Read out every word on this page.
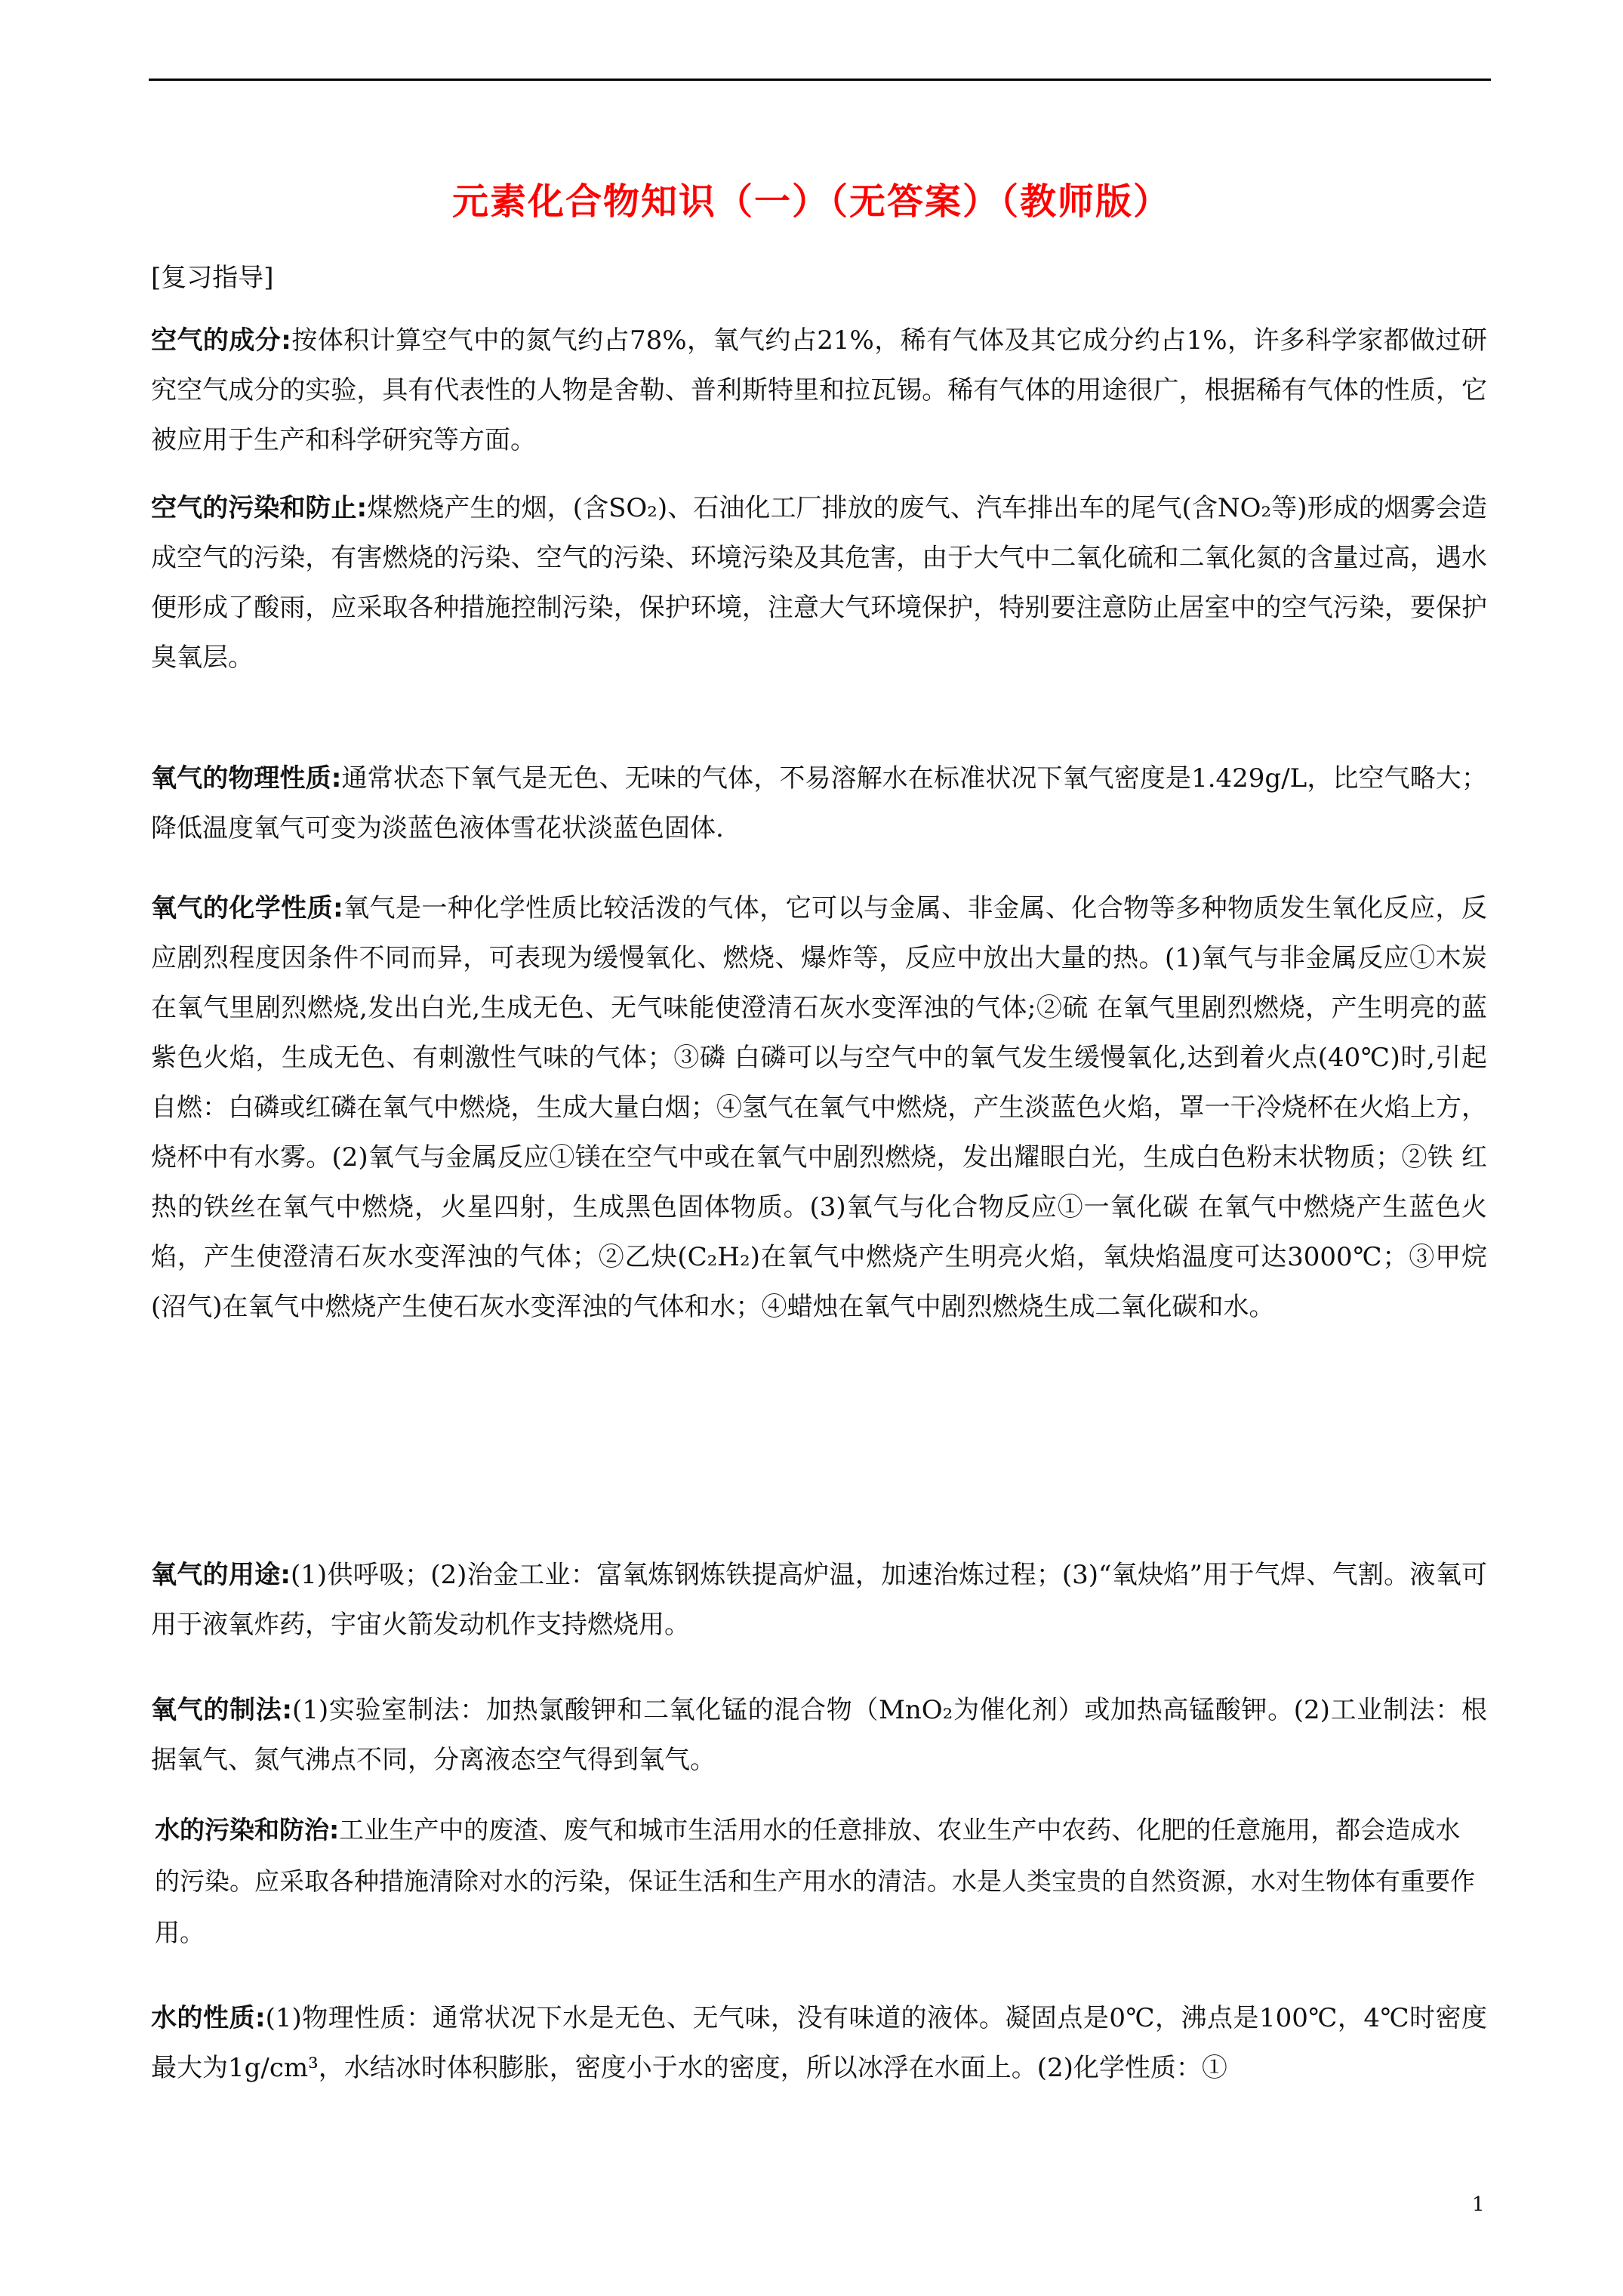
元素化合物知识（一）（无答案）（教师版）
[复习指导]
空气的成分:按体积计算空气中的氮气约占78%，氧气约占21%，稀有气体及其它成分约占1%，许多科学家都做过研究空气成分的实验，具有代表性的人物是舍勒、普利斯特里和拉瓦锡。稀有气体的用途很广，根据稀有气体的性质，它被应用于生产和科学研究等方面。
空气的污染和防止:煤燃烧产生的烟，(含SO₂)、石油化工厂排放的废气、汽车排出车的尾气(含NO₂等)形成的烟雾会造成空气的污染，有害燃烧的污染、空气的污染、环境污染及其危害，由于大气中二氧化硫和二氧化氮的含量过高，遇水便形成了酸雨，应采取各种措施控制污染，保护环境，注意大气环境保护，特别要注意防止居室中的空气污染，要保护臭氧层。
氧气的物理性质:通常状态下氧气是无色、无味的气体，不易溶解水在标准状况下氧气密度是1.429g/L，比空气略大；降低温度氧气可变为淡蓝色液体雪花状淡蓝色固体.
氧气的化学性质:氧气是一种化学性质比较活泼的气体，它可以与金属、非金属、化合物等多种物质发生氧化反应，反应剧烈程度因条件不同而异，可表现为缓慢氧化、燃烧、爆炸等，反应中放出大量的热。(1)氧气与非金属反应①木炭 在氧气里剧烈燃烧,发出白光,生成无色、无气味能使澄清石灰水变浑浊的气体;②硫 在氧气里剧烈燃烧，产生明亮的蓝紫色火焰，生成无色、有刺激性气味的气体；③磷 白磷可以与空气中的氧气发生缓慢氧化,达到着火点(40℃)时,引起自燃：白磷或红磷在氧气中燃烧，生成大量白烟；④氢气在氧气中燃烧，产生淡蓝色火焰，罩一干冷烧杯在火焰上方，烧杯中有水雾。(2)氧气与金属反应①镁在空气中或在氧气中剧烈燃烧，发出耀眼白光，生成白色粉末状物质；②铁 红热的铁丝在氧气中燃烧，火星四射，生成黑色固体物质。(3)氧气与化合物反应①一氧化碳 在氧气中燃烧产生蓝色火焰，产生使澄清石灰水变浑浊的气体；②乙炔(C₂H₂)在氧气中燃烧产生明亮火焰，氧炔焰温度可达3000℃；③甲烷(沼气)在氧气中燃烧产生使石灰水变浑浊的气体和水；④蜡烛在氧气中剧烈燃烧生成二氧化碳和水。
氧气的用途:(1)供呼吸；(2)治金工业：富氧炼钢炼铁提高炉温，加速治炼过程；(3)“氧炔焰”用于气焊、气割。液氧可用于液氧炸药，宇宙火箭发动机作支持燃烧用。
氧气的制法:(1)实验室制法：加热氯酸钾和二氧化锰的混合物（MnO₂为催化剂）或加热高锰酸钾。(2)工业制法：根据氧气、氮气沸点不同，分离液态空气得到氧气。
水的污染和防治:工业生产中的废渣、废气和城市生活用水的任意排放、农业生产中农药、化肥的任意施用，都会造成水的污染。应采取各种措施清除对水的污染，保证生活和生产用水的清洁。水是人类宝贵的自然资源，水对生物体有重要作用。
水的性质:(1)物理性质：通常状况下水是无色、无气味，没有味道的液体。凝固点是0℃，沸点是100℃，4℃时密度最大为1g/cm³，水结冰时体积膨胀，密度小于水的密度，所以冰浮在水面上。(2)化学性质：①
1
